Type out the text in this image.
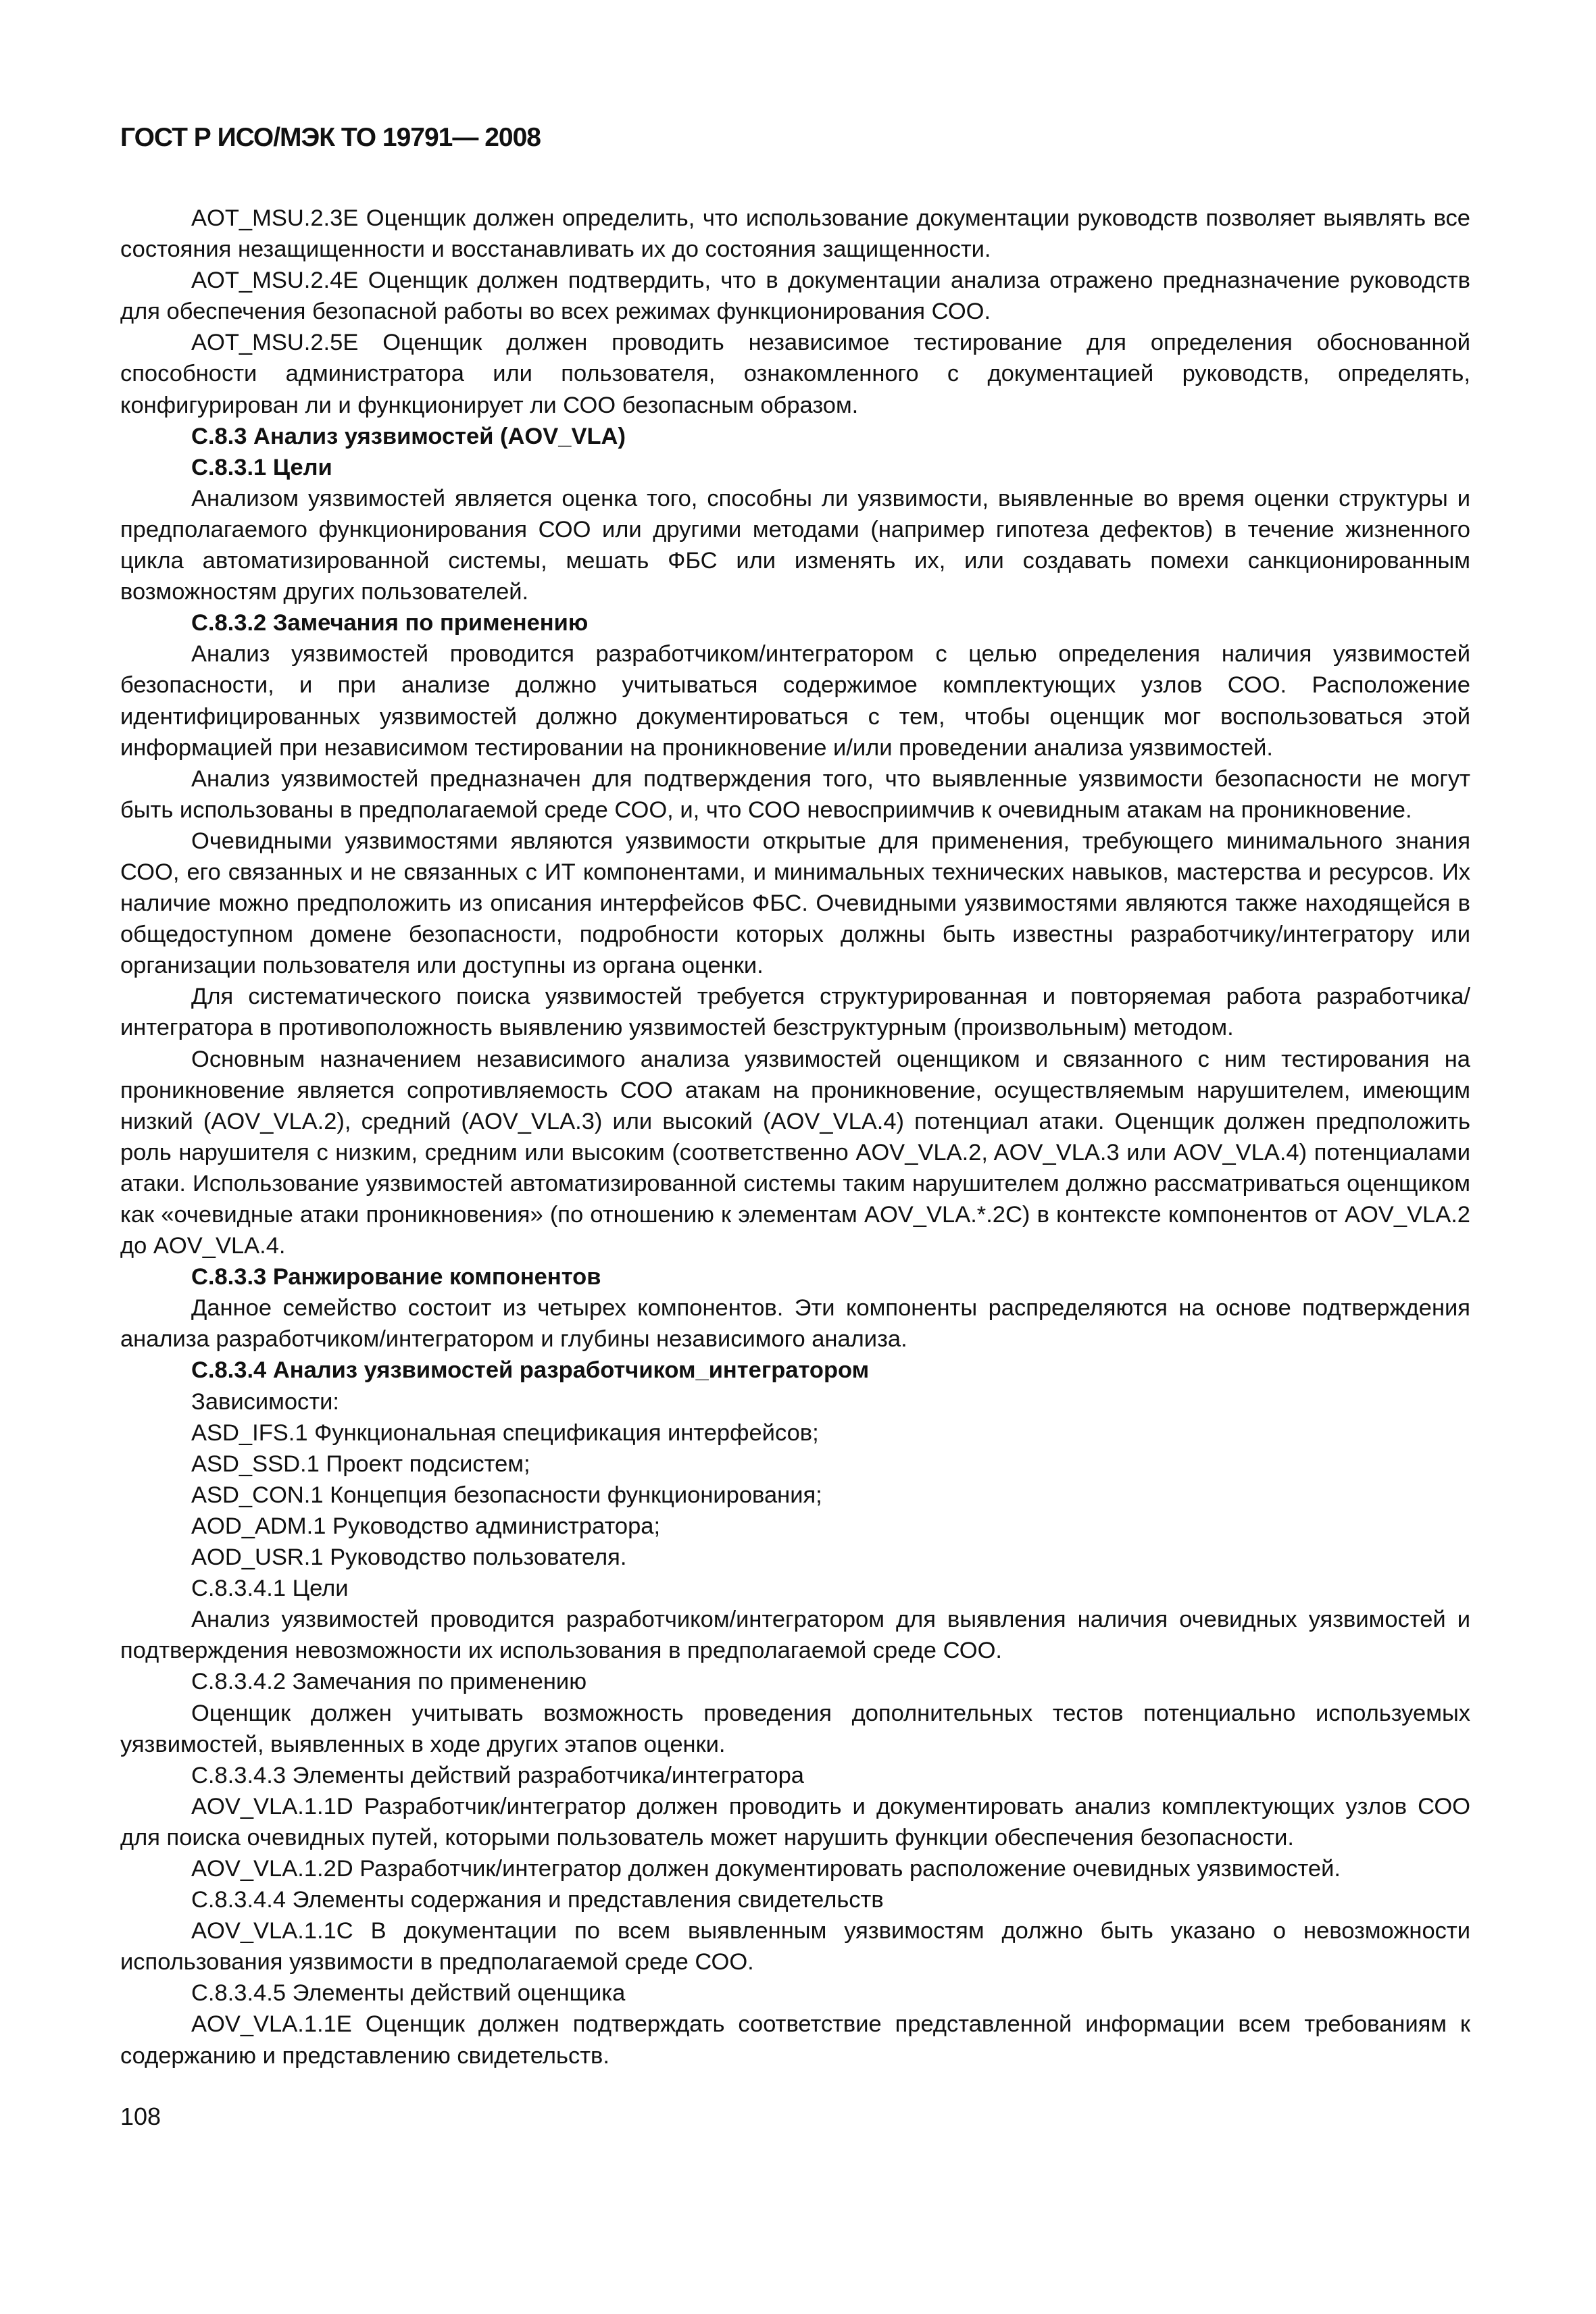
ГОСТ Р ИСО/МЭК ТО 19791— 2008

AOT_MSU.2.3E Оценщик должен определить, что использование документации руководств позволяет выявлять все состояния незащищенности и восстанавливать их до состояния защищенности.

AOT_MSU.2.4E Оценщик должен подтвердить, что в документации анализа отражено предназначение руководств для обеспечения безопасной работы во всех режимах функционирования СОО.

AOT_MSU.2.5E Оценщик должен проводить независимое тестирование для определения обоснованной способности администратора или пользователя, ознакомленного с документацией руководств, определять, конфигурирован ли и функционирует ли СОО безопасным образом.

С.8.3 Анализ уязвимостей (AOV_VLA)

С.8.3.1 Цели

Анализом уязвимостей является оценка того, способны ли уязвимости, выявленные во время оценки структуры и предполагаемого функционирования СОО или другими методами (например гипотеза дефектов) в течение жизненного цикла автоматизированной системы, мешать ФБС или изменять их, или создавать помехи санкционированным возможностям других пользователей.

С.8.3.2 Замечания по применению

Анализ уязвимостей проводится разработчиком/интегратором с целью определения наличия уязвимостей безопасности, и при анализе должно учитываться содержимое комплектующих узлов СОО. Расположение идентифицированных уязвимостей должно документироваться с тем, чтобы оценщик мог воспользоваться этой информацией при независимом тестировании на проникновение и/или проведении анализа уязвимостей.

Анализ уязвимостей предназначен для подтверждения того, что выявленные уязвимости безопасности не могут быть использованы в предполагаемой среде СОО, и, что СОО невосприимчив к очевидным атакам на проникновение.

Очевидными уязвимостями являются уязвимости открытые для применения, требующего минимального знания СОО, его связанных и не связанных с ИТ компонентами, и минимальных технических навыков, мастерства и ресурсов. Их наличие можно предположить из описания интерфейсов ФБС. Очевидными уязвимостями являются также находящейся в общедоступном домене безопасности, подробности которых должны быть известны разработчику/интегратору или организации пользователя или доступны из органа оценки.

Для систематического поиска уязвимостей требуется структурированная и повторяемая работа разработчика/интегратора в противоположность выявлению уязвимостей безструктурным (произвольным) методом.

Основным назначением независимого анализа уязвимостей оценщиком и связанного с ним тестирования на проникновение является сопротивляемость СОО атакам на проникновение, осуществляемым нарушителем, имеющим низкий (AOV_VLA.2), средний (AOV_VLA.3) или высокий (AOV_VLA.4) потенциал атаки. Оценщик должен предположить роль нарушителя с низким, средним или высоким (соответственно AOV_VLA.2, AOV_VLA.3 или AOV_VLA.4) потенциалами атаки. Использование уязвимостей автоматизированной системы таким нарушителем должно рассматриваться оценщиком как «очевидные атаки проникновения» (по отношению к элементам AOV_VLA.*.2C) в контексте компонентов от AOV_VLA.2 до AOV_VLA.4.

С.8.3.3 Ранжирование компонентов

Данное семейство состоит из четырех компонентов. Эти компоненты распределяются на основе подтверждения анализа разработчиком/интегратором и глубины независимого анализа.

С.8.3.4 Анализ уязвимостей разработчиком_интегратором

Зависимости:

ASD_IFS.1 Функциональная спецификация интерфейсов;

ASD_SSD.1 Проект подсистем;

ASD_CON.1 Концепция безопасности функционирования;

AOD_ADM.1 Руководство администратора;

AOD_USR.1 Руководство пользователя.

С.8.3.4.1 Цели

Анализ уязвимостей проводится разработчиком/интегратором для выявления наличия очевидных уязвимостей и подтверждения невозможности их использования в предполагаемой среде СОО.

С.8.3.4.2 Замечания по применению

Оценщик должен учитывать возможность проведения дополнительных тестов потенциально используемых уязвимостей, выявленных в ходе других этапов оценки.

С.8.3.4.3 Элементы действий разработчика/интегратора

AOV_VLA.1.1D Разработчик/интегратор должен проводить и документировать анализ комплектующих узлов СОО для поиска очевидных путей, которыми пользователь может нарушить функции обеспечения безопасности.

AOV_VLA.1.2D Разработчик/интегратор должен документировать расположение очевидных уязвимостей.

С.8.3.4.4 Элементы содержания и представления свидетельств

AOV_VLA.1.1C В документации по всем выявленным уязвимостям должно быть указано о невозможности использования уязвимости в предполагаемой среде СОО.

С.8.3.4.5 Элементы действий оценщика

AOV_VLA.1.1E Оценщик должен подтверждать соответствие представленной информации всем требованиям к содержанию и представлению свидетельств.

108
